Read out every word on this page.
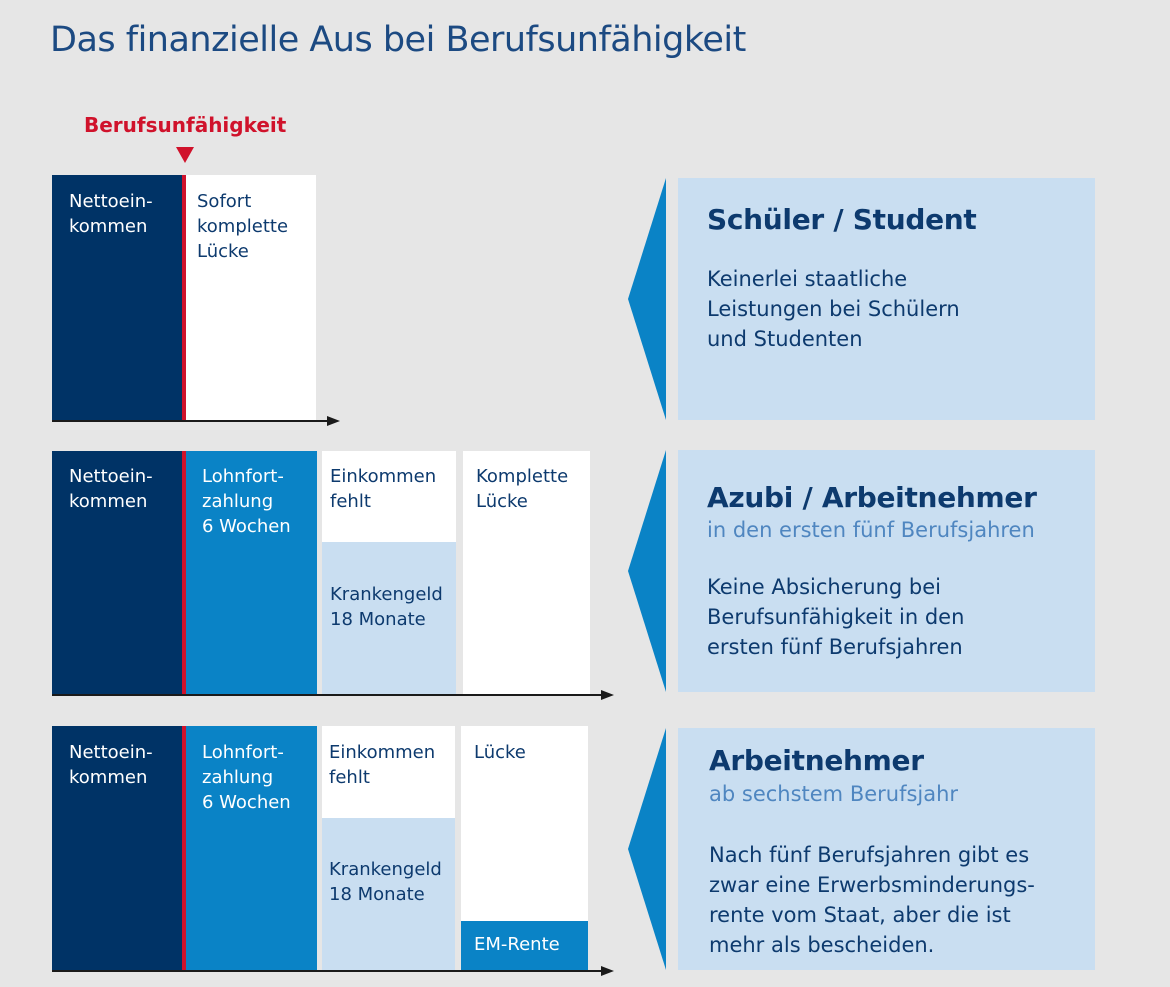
Das finanzielle Aus bei Berufsunfähigkeit
Berufsunfähigkeit
Nettoein-
kommen
Sofort
komplette
Lücke
Schüler / Student
Keinerlei staatliche
Leistungen bei Schülern
und Studenten
Nettoein-
kommen
Lohnfort-
zahlung
6 Wochen
Einkommen
fehlt
Krankengeld
18 Monate
Komplette
Lücke	Azubi / Arbeitnehmer
in den ersten fünf Berufsjahren
Keine Absicherung bei
Berufsunfähigkeit in den
ersten fünf Berufsjahren
Nettoein-
kommen
Lohnfort-
zahlung
6 Wochen
Einkommen
fehlt
Krankengeld
18 Monate
Lücke
EM-Rente
Arbeitnehmer
ab sechstem Berufsjahr
Nach fünf Berufsjahren gibt es
zwar eine Erwerbsminderungs-
rente vom Staat, aber die ist
mehr als bescheiden.
